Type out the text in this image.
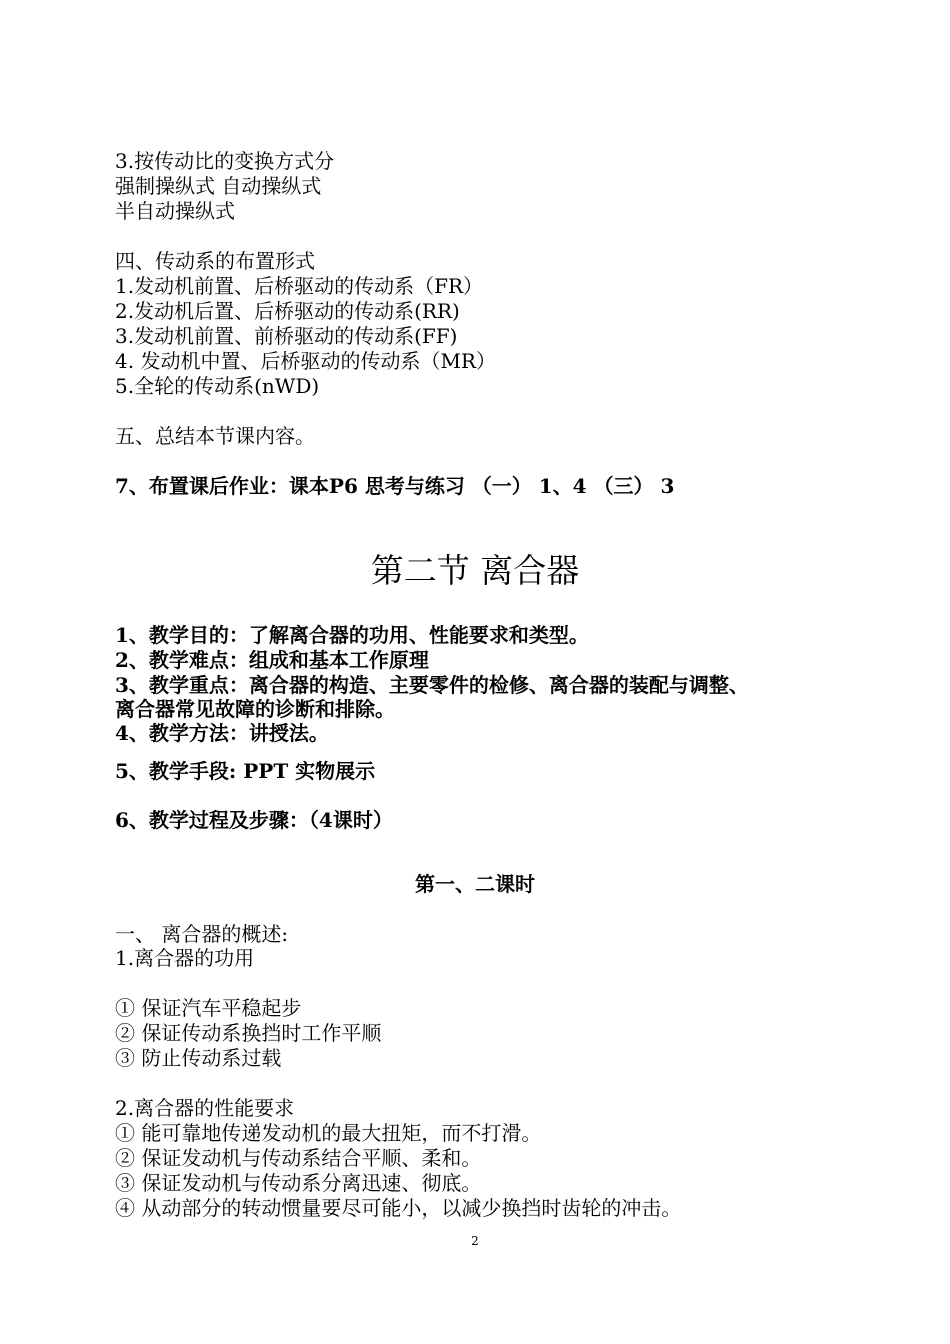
3.按传动比的变换方式分
强制操纵式 自动操纵式
半自动操纵式
四、传动系的布置形式
1.发动机前置、后桥驱动的传动系（FR）
2.发动机后置、后桥驱动的传动系(RR)
3.发动机前置、前桥驱动的传动系(FF)
4. 发动机中置、后桥驱动的传动系（MR）
5.全轮的传动系(nWD)
五、总结本节课内容。
7、布置课后作业：课本P6 思考与练习 （一） 1、4 （三） 3
第二节 离合器
1、教学目的：了解离合器的功用、性能要求和类型。
2、教学难点：组成和基本工作原理
3、教学重点：离合器的构造、主要零件的检修、离合器的装配与调整、
离合器常见故障的诊断和排除。
4、教学方法：讲授法。
5、教学手段: PPT 实物展示
6、教学过程及步骤：（4课时）
第一、二课时
一、 离合器的概述:
1.离合器的功用
① 保证汽车平稳起步
② 保证传动系换挡时工作平顺
③ 防止传动系过载
2.离合器的性能要求
① 能可靠地传递发动机的最大扭矩，而不打滑。
② 保证发动机与传动系结合平顺、柔和。
③ 保证发动机与传动系分离迅速、彻底。
④ 从动部分的转动惯量要尽可能小，以减少换挡时齿轮的冲击。
2
